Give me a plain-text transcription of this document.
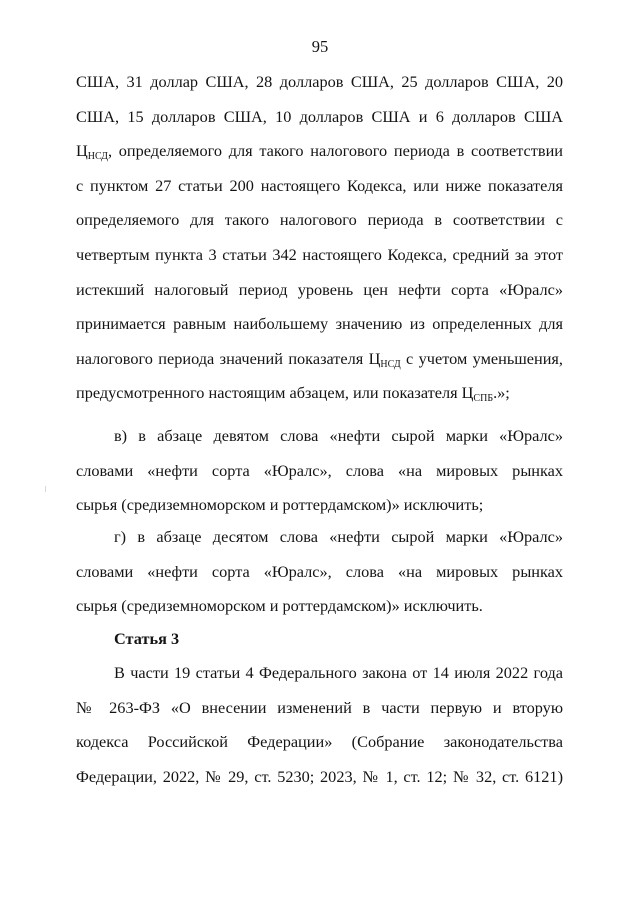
95
США, 31 доллар США, 28 долларов США, 25 долларов США, 20
США, 15 долларов США, 10 долларов США и 6 долларов США
$Ц_{НСД}$, определяемого для такого налогового периода в соответствии
с пунктом 27 статьи 200 настоящего Кодекса, или ниже показателя
определяемого для такого налогового периода в соответствии с
четвертым пункта 3 статьи 342 настоящего Кодекса, средний за этот
истекший налоговый период уровень цен нефти сорта «Юралс»
принимается равным наибольшему значению из определенных для
налогового периода значений показателя $Ц_{НСД}$ с учетом уменьшения,
предусмотренного настоящим абзацем, или показателя $Ц_{СПБ}$.»;
в) в абзаце девятом слова «нефти сырой марки «Юралс»
словами «нефти сорта «Юралс», слова «на мировых рынках
сырья (средиземноморском и роттердамском)» исключить;
г) в абзаце десятом слова «нефти сырой марки «Юралс»
словами «нефти сорта «Юралс», слова «на мировых рынках
сырья (средиземноморском и роттердамском)» исключить.
Статья 3
В части 19 статьи 4 Федерального закона от 14 июля 2022 года
№ 263-ФЗ «О внесении изменений в части первую и вторую
кодекса Российской Федерации» (Собрание законодательства
Федерации, 2022, № 29, ст. 5230; 2023, № 1, ст. 12; № 32, ст. 6121)
